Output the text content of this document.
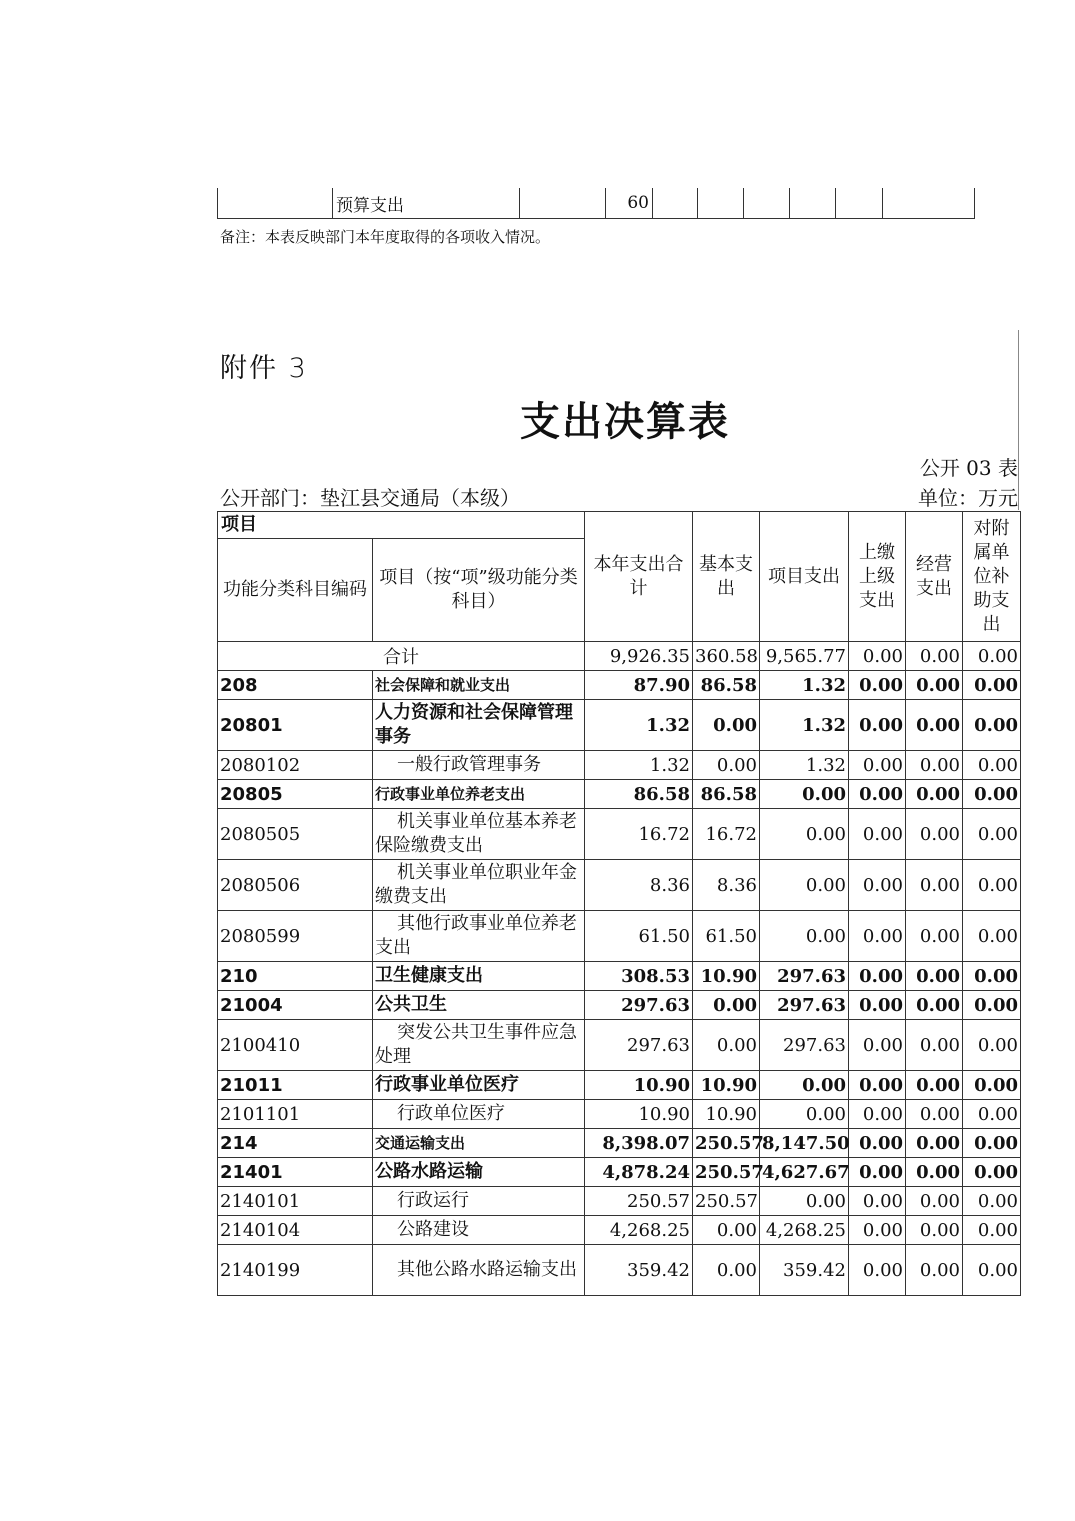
	预算支出		60						
备注：本表反映部门本年度取得的各项收入情况。
附件 3
支出决算表
公开 03 表
公开部门：垫江县交通局（本级）	单位：万元
项目		本年支出合计	基本支出	项目支出	上缴上级支出	经营支出	对附属单位补助支出
功能分类科目编码	项目（按“项”级功能分类科目）						
合计		9,926.35	360.58	9,565.77	0.00	0.00	0.00
208	社会保障和就业支出	87.90	86.58	1.32	0.00	0.00	0.00
20801	人力资源和社会保障管理事务	1.32	0.00	1.32	0.00	0.00	0.00
2080102	一般行政管理事务	1.32	0.00	1.32	0.00	0.00	0.00
20805	行政事业单位养老支出	86.58	86.58	0.00	0.00	0.00	0.00
2080505	机关事业单位基本养老保险缴费支出	16.72	16.72	0.00	0.00	0.00	0.00
2080506	机关事业单位职业年金缴费支出	8.36	8.36	0.00	0.00	0.00	0.00
2080599	其他行政事业单位养老支出	61.50	61.50	0.00	0.00	0.00	0.00
210	卫生健康支出	308.53	10.90	297.63	0.00	0.00	0.00
21004	公共卫生	297.63	0.00	297.63	0.00	0.00	0.00
2100410	突发公共卫生事件应急处理	297.63	0.00	297.63	0.00	0.00	0.00
21011	行政事业单位医疗	10.90	10.90	0.00	0.00	0.00	0.00
2101101	行政单位医疗	10.90	10.90	0.00	0.00	0.00	0.00
214	交通运输支出	8,398.07	250.57	8,147.50	0.00	0.00	0.00
21401	公路水路运输	4,878.24	250.57	4,627.67	0.00	0.00	0.00
2140101	行政运行	250.57	250.57	0.00	0.00	0.00	0.00
2140104	公路建设	4,268.25	0.00	4,268.25	0.00	0.00	0.00
2140199	其他公路水路运输支出	359.42	0.00	359.42	0.00	0.00	0.00
